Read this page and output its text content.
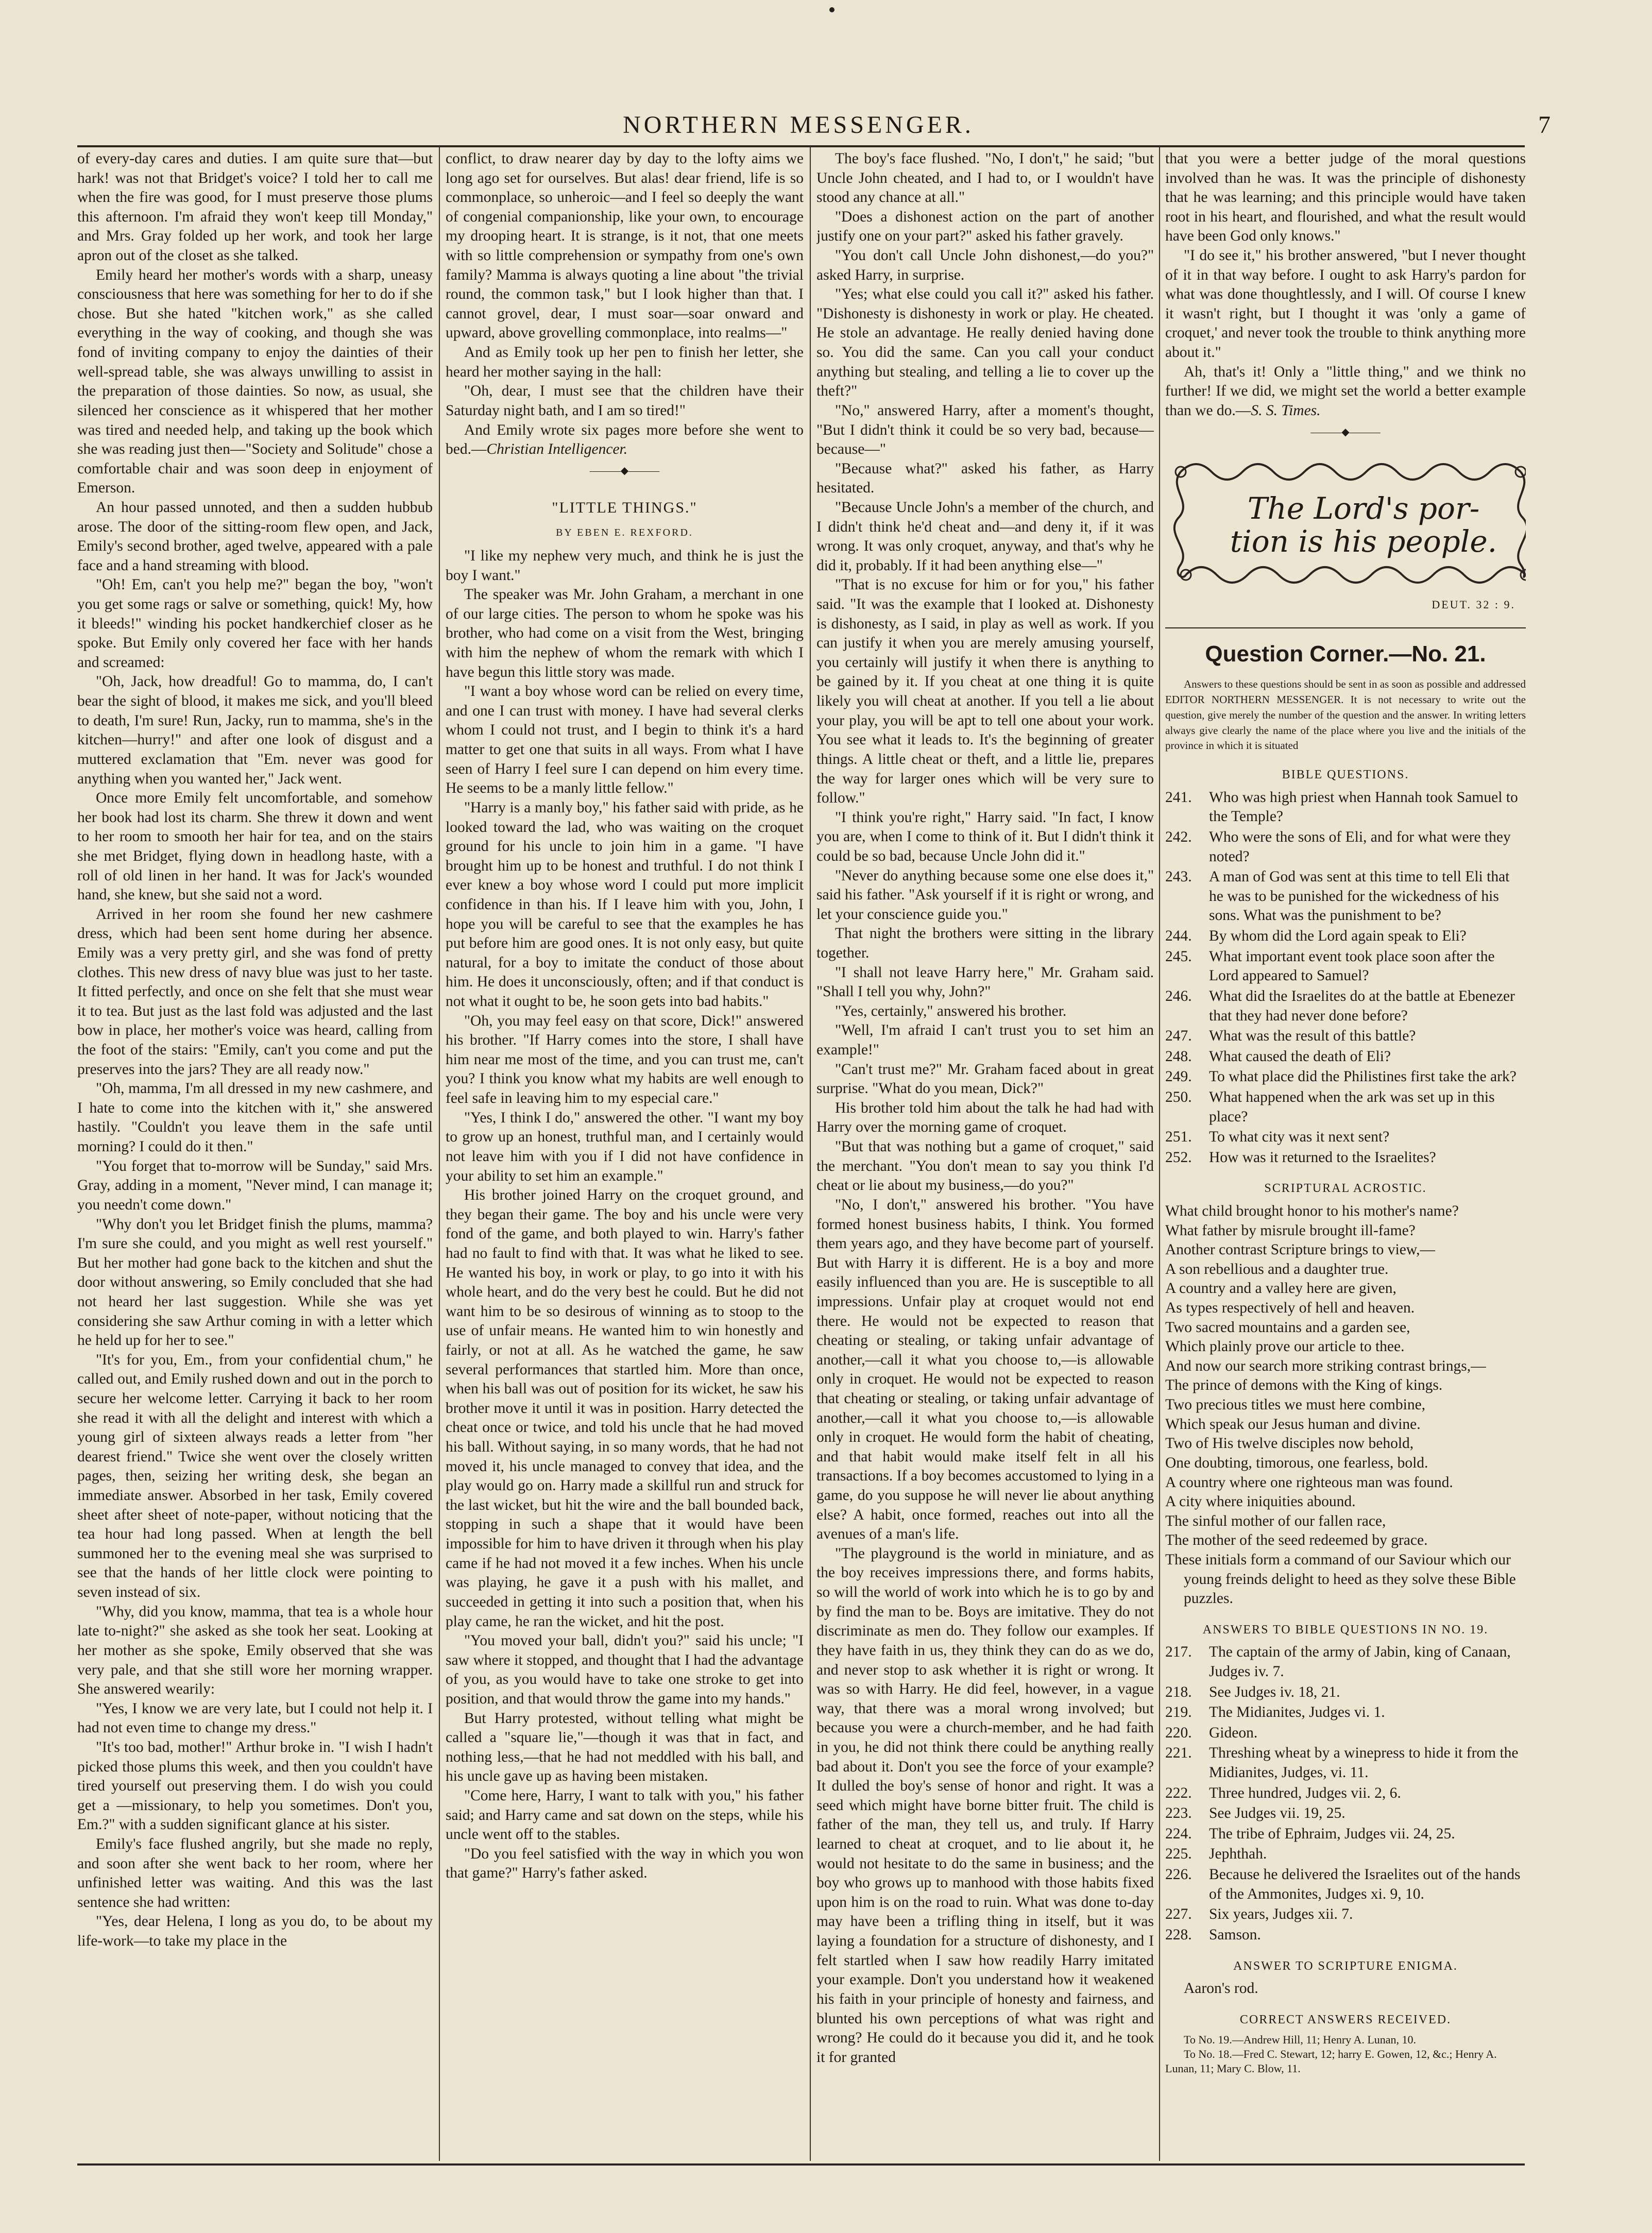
NORTHERN MESSENGER.	7

of every-day cares and duties. I am quite sure that—but hark! was not that Bridget's voice? I told her to call me when the fire was good, for I must preserve those plums this afternoon. I'm afraid they won't keep till Monday," and Mrs. Gray folded up her work, and took her large apron out of the closet as she talked.

Emily heard her mother's words with a sharp, uneasy consciousness that here was something for her to do if she chose. But she hated "kitchen work," as she called everything in the way of cooking, and though she was fond of inviting company to enjoy the dainties of their well-spread table, she was always unwilling to assist in the preparation of those dainties. So now, as usual, she silenced her conscience as it whispered that her mother was tired and needed help, and taking up the book which she was reading just then—"Society and Solitude" chose a comfortable chair and was soon deep in enjoyment of Emerson.

An hour passed unnoted, and then a sudden hubbub arose. The door of the sitting-room flew open, and Jack, Emily's second brother, aged twelve, appeared with a pale face and a hand streaming with blood.

"Oh! Em, can't you help me?" began the boy, "won't you get some rags or salve or something, quick! My, how it bleeds!" winding his pocket handkerchief closer as he spoke. But Emily only covered her face with her hands and screamed:

"Oh, Jack, how dreadful! Go to mamma, do, I can't bear the sight of blood, it makes me sick, and you'll bleed to death, I'm sure! Run, Jacky, run to mamma, she's in the kitchen—hurry!" and after one look of disgust and a muttered exclamation that "Em. never was good for anything when you wanted her," Jack went.

Once more Emily felt uncomfortable, and somehow her book had lost its charm. She threw it down and went to her room to smooth her hair for tea, and on the stairs she met Bridget, flying down in headlong haste, with a roll of old linen in her hand. It was for Jack's wounded hand, she knew, but she said not a word.

Arrived in her room she found her new cashmere dress, which had been sent home during her absence. Emily was a very pretty girl, and she was fond of pretty clothes. This new dress of navy blue was just to her taste. It fitted perfectly, and once on she felt that she must wear it to tea. But just as the last fold was adjusted and the last bow in place, her mother's voice was heard, calling from the foot of the stairs: "Emily, can't you come and put the preserves into the jars? They are all ready now."

"Oh, mamma, I'm all dressed in my new cashmere, and I hate to come into the kitchen with it," she answered hastily. "Couldn't you leave them in the safe until morning? I could do it then."

"You forget that to-morrow will be Sunday," said Mrs. Gray, adding in a moment, "Never mind, I can manage it; you needn't come down."

"Why don't you let Bridget finish the plums, mamma? I'm sure she could, and you might as well rest yourself." But her mother had gone back to the kitchen and shut the door without answering, so Emily concluded that she had not heard her last suggestion. While she was yet considering she saw Arthur coming in with a letter which he held up for her to see."

"It's for you, Em., from your confidential chum," he called out, and Emily rushed down and out in the porch to secure her welcome letter. Carrying it back to her room she read it with all the delight and interest with which a young girl of sixteen always reads a letter from "her dearest friend." Twice she went over the closely written pages, then, seizing her writing desk, she began an immediate answer. Absorbed in her task, Emily covered sheet after sheet of note-paper, without noticing that the tea hour had long passed. When at length the bell summoned her to the evening meal she was surprised to see that the hands of her little clock were pointing to seven instead of six.

"Why, did you know, mamma, that tea is a whole hour late to-night?" she asked as she took her seat. Looking at her mother as she spoke, Emily observed that she was very pale, and that she still wore her morning wrapper. She answered wearily:

"Yes, I know we are very late, but I could not help it. I had not even time to change my dress."

"It's too bad, mother!" Arthur broke in. "I wish I hadn't picked those plums this week, and then you couldn't have tired yourself out preserving them. I do wish you could get a —missionary, to help you sometimes. Don't you, Em.?" with a sudden significant glance at his sister.

Emily's face flushed angrily, but she made no reply, and soon after she went back to her room, where her unfinished letter was waiting. And this was the last sentence she had written:

"Yes, dear Helena, I long as you do, to be about my life-work—to take my place in the

conflict, to draw nearer day by day to the lofty aims we long ago set for ourselves. But alas! dear friend, life is so commonplace, so unheroic—and I feel so deeply the want of congenial companionship, like your own, to encourage my drooping heart. It is strange, is it not, that one meets with so little comprehension or sympathy from one's own family? Mamma is always quoting a line about "the trivial round, the common task," but I look higher than that. I cannot grovel, dear, I must soar—soar onward and upward, above grovelling commonplace, into realms—"

And as Emily took up her pen to finish her letter, she heard her mother saying in the hall:

"Oh, dear, I must see that the children have their Saturday night bath, and I am so tired!"

And Emily wrote six pages more before she went to bed.—Christian Intelligencer.

———◆———
"LITTLE THINGS."
BY EBEN E. REXFORD.

"I like my nephew very much, and think he is just the boy I want."

The speaker was Mr. John Graham, a merchant in one of our large cities. The person to whom he spoke was his brother, who had come on a visit from the West, bringing with him the nephew of whom the remark with which I have begun this little story was made.

"I want a boy whose word can be relied on every time, and one I can trust with money. I have had several clerks whom I could not trust, and I begin to think it's a hard matter to get one that suits in all ways. From what I have seen of Harry I feel sure I can depend on him every time. He seems to be a manly little fellow."

"Harry is a manly boy," his father said with pride, as he looked toward the lad, who was waiting on the croquet ground for his uncle to join him in a game. "I have brought him up to be honest and truthful. I do not think I ever knew a boy whose word I could put more implicit confidence in than his. If I leave him with you, John, I hope you will be careful to see that the examples he has put before him are good ones. It is not only easy, but quite natural, for a boy to imitate the conduct of those about him. He does it unconsciously, often; and if that conduct is not what it ought to be, he soon gets into bad habits."

"Oh, you may feel easy on that score, Dick!" answered his brother. "If Harry comes into the store, I shall have him near me most of the time, and you can trust me, can't you? I think you know what my habits are well enough to feel safe in leaving him to my especial care."

"Yes, I think I do," answered the other. "I want my boy to grow up an honest, truthful man, and I certainly would not leave him with you if I did not have confidence in your ability to set him an example."

His brother joined Harry on the croquet ground, and they began their game. The boy and his uncle were very fond of the game, and both played to win. Harry's father had no fault to find with that. It was what he liked to see. He wanted his boy, in work or play, to go into it with his whole heart, and do the very best he could. But he did not want him to be so desirous of winning as to stoop to the use of unfair means. He wanted him to win honestly and fairly, or not at all. As he watched the game, he saw several performances that startled him. More than once, when his ball was out of position for its wicket, he saw his brother move it until it was in position. Harry detected the cheat once or twice, and told his uncle that he had moved his ball. Without saying, in so many words, that he had not moved it, his uncle managed to convey that idea, and the play would go on. Harry made a skillful run and struck for the last wicket, but hit the wire and the ball bounded back, stopping in such a shape that it would have been impossible for him to have driven it through when his play came if he had not moved it a few inches. When his uncle was playing, he gave it a push with his mallet, and succeeded in getting it into such a position that, when his play came, he ran the wicket, and hit the post.

"You moved your ball, didn't you?" said his uncle; "I saw where it stopped, and thought that I had the advantage of you, as you would have to take one stroke to get into position, and that would throw the game into my hands."

But Harry protested, without telling what might be called a "square lie,"—though it was that in fact, and nothing less,—that he had not meddled with his ball, and his uncle gave up as having been mistaken.

"Come here, Harry, I want to talk with you," his father said; and Harry came and sat down on the steps, while his uncle went off to the stables.

"Do you feel satisfied with the way in which you won that game?" Harry's father asked.

The boy's face flushed. "No, I don't," he said; "but Uncle John cheated, and I had to, or I wouldn't have stood any chance at all."

"Does a dishonest action on the part of another justify one on your part?" asked his father gravely.

"You don't call Uncle John dishonest,—do you?" asked Harry, in surprise.

"Yes; what else could you call it?" asked his father. "Dishonesty is dishonesty in work or play. He cheated. He stole an advantage. He really denied having done so. You did the same. Can you call your conduct anything but stealing, and telling a lie to cover up the theft?"

"No," answered Harry, after a moment's thought, "But I didn't think it could be so very bad, because—because—"

"Because what?" asked his father, as Harry hesitated.

"Because Uncle John's a member of the church, and I didn't think he'd cheat and—and deny it, if it was wrong. It was only croquet, anyway, and that's why he did it, probably. If it had been anything else—"

"That is no excuse for him or for you," his father said. "It was the example that I looked at. Dishonesty is dishonesty, as I said, in play as well as work. If you can justify it when you are merely amusing yourself, you certainly will justify it when there is anything to be gained by it. If you cheat at one thing it is quite likely you will cheat at another. If you tell a lie about your play, you will be apt to tell one about your work. You see what it leads to. It's the beginning of greater things. A little cheat or theft, and a little lie, prepares the way for larger ones which will be very sure to follow."

"I think you're right," Harry said. "In fact, I know you are, when I come to think of it. But I didn't think it could be so bad, because Uncle John did it."

"Never do anything because some one else does it," said his father. "Ask yourself if it is right or wrong, and let your conscience guide you."

That night the brothers were sitting in the library together.

"I shall not leave Harry here," Mr. Graham said. "Shall I tell you why, John?"

"Yes, certainly," answered his brother.

"Well, I'm afraid I can't trust you to set him an example!"

"Can't trust me?" Mr. Graham faced about in great surprise. "What do you mean, Dick?"

His brother told him about the talk he had had with Harry over the morning game of croquet.

"But that was nothing but a game of croquet," said the merchant. "You don't mean to say you think I'd cheat or lie about my business,—do you?"

"No, I don't," answered his brother. "You have formed honest business habits, I think. You formed them years ago, and they have become part of yourself. But with Harry it is different. He is a boy and more easily influenced than you are. He is susceptible to all impressions. Unfair play at croquet would not end there. He would not be expected to reason that cheating or stealing, or taking unfair advantage of another,—call it what you choose to,—is allowable only in croquet. He would not be expected to reason that cheating or stealing, or taking unfair advantage of another,—call it what you choose to,—is allowable only in croquet. He would form the habit of cheating, and that habit would make itself felt in all his transactions. If a boy becomes accustomed to lying in a game, do you suppose he will never lie about anything else? A habit, once formed, reaches out into all the avenues of a man's life.

"The playground is the world in miniature, and as the boy receives impressions there, and forms habits, so will the world of work into which he is to go by and by find the man to be. Boys are imitative. They do not discriminate as men do. They follow our examples. If they have faith in us, they think they can do as we do, and never stop to ask whether it is right or wrong. It was so with Harry. He did feel, however, in a vague way, that there was a moral wrong involved; but because you were a church-member, and he had faith in you, he did not think there could be anything really bad about it. Don't you see the force of your example? It dulled the boy's sense of honor and right. It was a seed which might have borne bitter fruit. The child is father of the man, they tell us, and truly. If Harry learned to cheat at croquet, and to lie about it, he would not hesitate to do the same in business; and the boy who grows up to manhood with those habits fixed upon him is on the road to ruin. What was done to-day may have been a trifling thing in itself, but it was laying a foundation for a structure of dishonesty, and I felt startled when I saw how readily Harry imitated your example. Don't you understand how it weakened his faith in your principle of honesty and fairness, and blunted his own perceptions of what was right and wrong? He could do it because you did it, and he took it for granted

that you were a better judge of the moral questions involved than he was. It was the principle of dishonesty that he was learning; and this principle would have taken root in his heart, and flourished, and what the result would have been God only knows."

"I do see it," his brother answered, "but I never thought of it in that way before. I ought to ask Harry's pardon for what was done thoughtlessly, and I will. Of course I knew it wasn't right, but I thought it was 'only a game of croquet,' and never took the trouble to think anything more about it."

Ah, that's it! Only a "little thing," and we think no further! If we did, we might set the world a better example than we do.—S. S. Times.

———◆———
The Lord's por-
tion is his people.
DEUT. 32 : 9.
Question Corner.—No. 21.

Answers to these questions should be sent in as soon as possible and addressed EDITOR NORTHERN MESSENGER. It is not necessary to write out the question, give merely the number of the question and the answer. In writing letters always give clearly the name of the place where you live and the initials of the province in which it is situated

BIBLE QUESTIONS.
241.	Who was high priest when Hannah took Samuel to the Temple?
242.	Who were the sons of Eli, and for what were they noted?
243.	A man of God was sent at this time to tell Eli that he was to be punished for the wickedness of his sons. What was the punishment to be?
244.	By whom did the Lord again speak to Eli?
245.	What important event took place soon after the Lord appeared to Samuel?
246.	What did the Israelites do at the battle at Ebenezer that they had never done before?
247.	What was the result of this battle?
248.	What caused the death of Eli?
249.	To what place did the Philistines first take the ark?
250.	What happened when the ark was set up in this place?
251.	To what city was it next sent?
252.	How was it returned to the Israelites?
SCRIPTURAL ACROSTIC.

What child brought honor to his mother's name?

What father by misrule brought ill-fame?

Another contrast Scripture brings to view,—

A son rebellious and a daughter true.

A country and a valley here are given,

As types respectively of hell and heaven.

Two sacred mountains and a garden see,

Which plainly prove our article to thee.

And now our search more striking contrast brings,—

The prince of demons with the King of kings.

Two precious titles we must here combine,

Which speak our Jesus human and divine.

Two of His twelve disciples now behold,

One doubting, timorous, one fearless, bold.

A country where one righteous man was found.

A city where iniquities abound.

The sinful mother of our fallen race,

The mother of the seed redeemed by grace.

These initials form a command of our Saviour which our young freinds delight to heed as they solve these Bible puzzles.

ANSWERS TO BIBLE QUESTIONS IN NO. 19.
217.	The captain of the army of Jabin, king of Canaan, Judges iv. 7.
218.	See Judges iv. 18, 21.
219.	The Midianites, Judges vi. 1.
220.	Gideon.
221.	Threshing wheat by a winepress to hide it from the Midianites, Judges, vi. 11.
222.	Three hundred, Judges vii. 2, 6.
223.	See Judges vii. 19, 25.
224.	The tribe of Ephraim, Judges vii. 24, 25.
225.	Jephthah.
226.	Because he delivered the Israelites out of the hands of the Ammonites, Judges xi. 9, 10.
227.	Six years, Judges xii. 7.
228.	Samson.
ANSWER TO SCRIPTURE ENIGMA.

Aaron's rod.

CORRECT ANSWERS RECEIVED.

To No. 19.—Andrew Hill, 11; Henry A. Lunan, 10.

To No. 18.—Fred C. Stewart, 12; harry E. Gowen, 12, &c.; Henry A. Lunan, 11; Mary C. Blow, 11.
